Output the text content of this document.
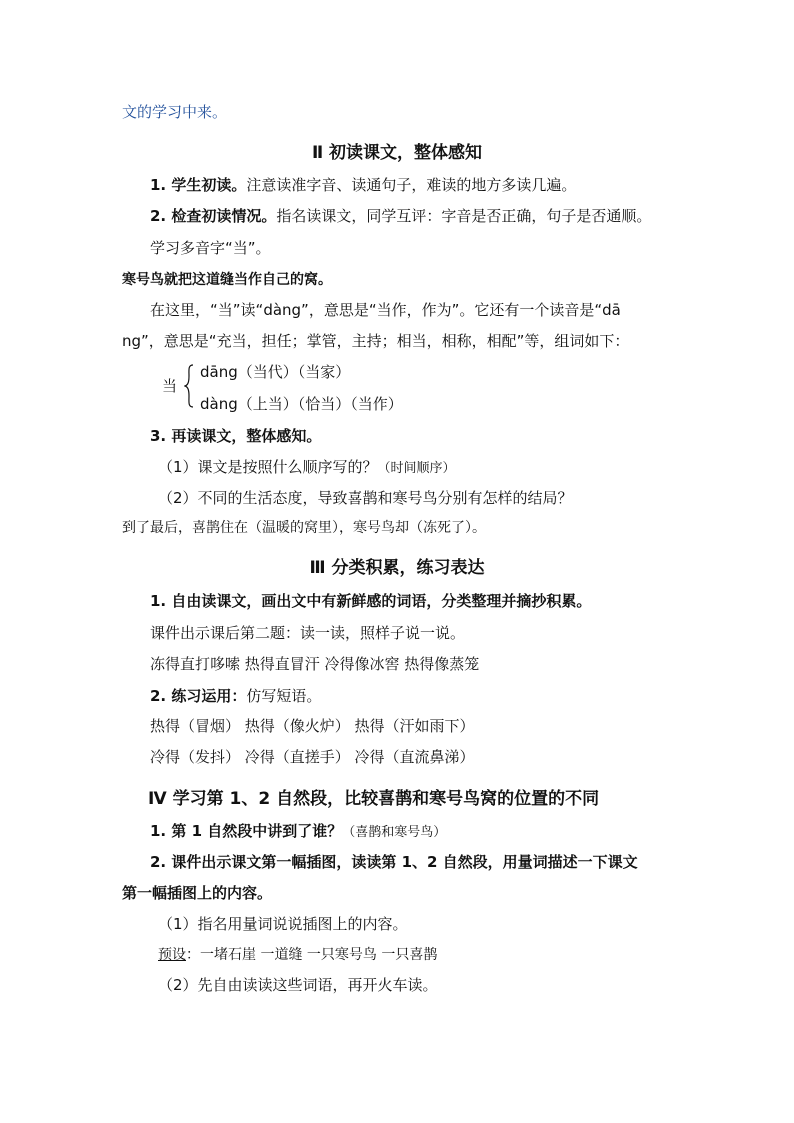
文的学习中来。
Ⅱ 初读课文，整体感知
1. 学生初读。注意读准字音、读通句子，难读的地方多读几遍。
2. 检查初读情况。指名读课文，同学互评：字音是否正确，句子是否通顺。
学习多音字“当”。
寒号鸟就把这道缝当作自己的窝。
在这里，“当”读“dàng”，意思是“当作，作为”。它还有一个读音是“dā
ng”，意思是“充当，担任；掌管，主持；相当，相称，相配”等，组词如下：
当
dāng（当代）（当家）
dàng（上当）（恰当）（当作）
3. 再读课文，整体感知。
（1）课文是按照什么顺序写的？（时间顺序）
（2）不同的生活态度，导致喜鹊和寒号鸟分别有怎样的结局？
到了最后，喜鹊住在（温暖的窝里），寒号鸟却（冻死了）。
Ⅲ 分类积累，练习表达
1. 自由读课文，画出文中有新鲜感的词语，分类整理并摘抄积累。
课件出示课后第二题：读一读，照样子说一说。
冻得直打哆嗦 热得直冒汗 冷得像冰窖 热得像蒸笼
2. 练习运用：仿写短语。
热得（冒烟） 热得（像火炉） 热得（汗如雨下）
冷得（发抖） 冷得（直搓手） 冷得（直流鼻涕）
Ⅳ 学习第 1、2 自然段，比较喜鹊和寒号鸟窝的位置的不同
1. 第 1 自然段中讲到了谁？（喜鹊和寒号鸟）
2. 课件出示课文第一幅插图，读读第 1、2 自然段，用量词描述一下课文
第一幅插图上的内容。
（1）指名用量词说说插图上的内容。
预设：一堵石崖 一道缝 一只寒号鸟 一只喜鹊
（2）先自由读读这些词语，再开火车读。
